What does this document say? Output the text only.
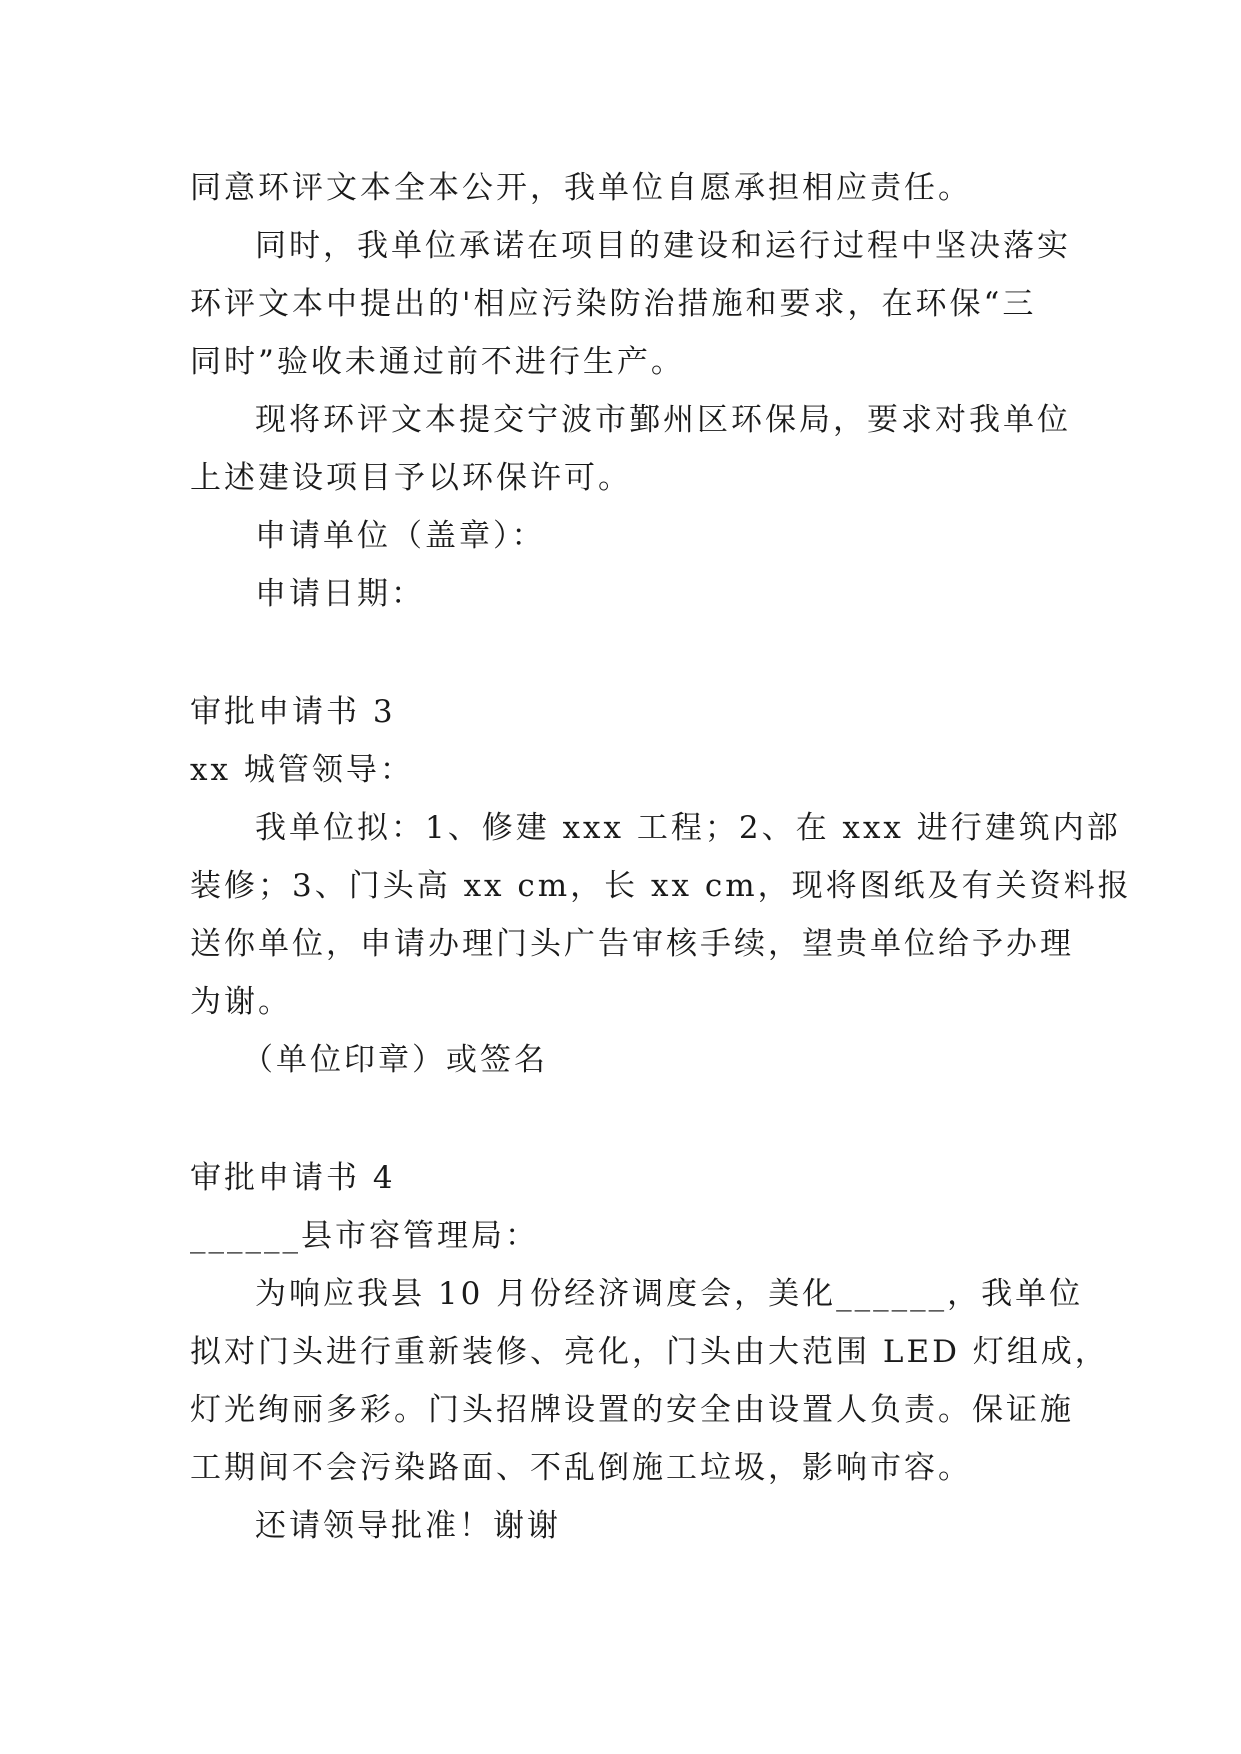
同意环评文本全本公开，我单位自愿承担相应责任。
同时，我单位承诺在项目的建设和运行过程中坚决落实
环评文本中提出的'相应污染防治措施和要求，在环保“三
同时”验收未通过前不进行生产。
现将环评文本提交宁波市鄞州区环保局，要求对我单位
上述建设项目予以环保许可。
申请单位（盖章）：
申请日期：
审批申请书 3
xx 城管领导：
我单位拟：1、修建 xxx 工程；2、在 xxx 进行建筑内部
装修；3、门头高 xx cm，长 xx cm，现将图纸及有关资料报
送你单位，申请办理门头广告审核手续，望贵单位给予办理
为谢。
（单位印章）或签名
审批申请书 4
______县市容管理局：
为响应我县 10 月份经济调度会，美化______，我单位
拟对门头进行重新装修、亮化，门头由大范围 LED 灯组成，
灯光绚丽多彩。门头招牌设置的安全由设置人负责。保证施
工期间不会污染路面、不乱倒施工垃圾，影响市容。
还请领导批准！谢谢
